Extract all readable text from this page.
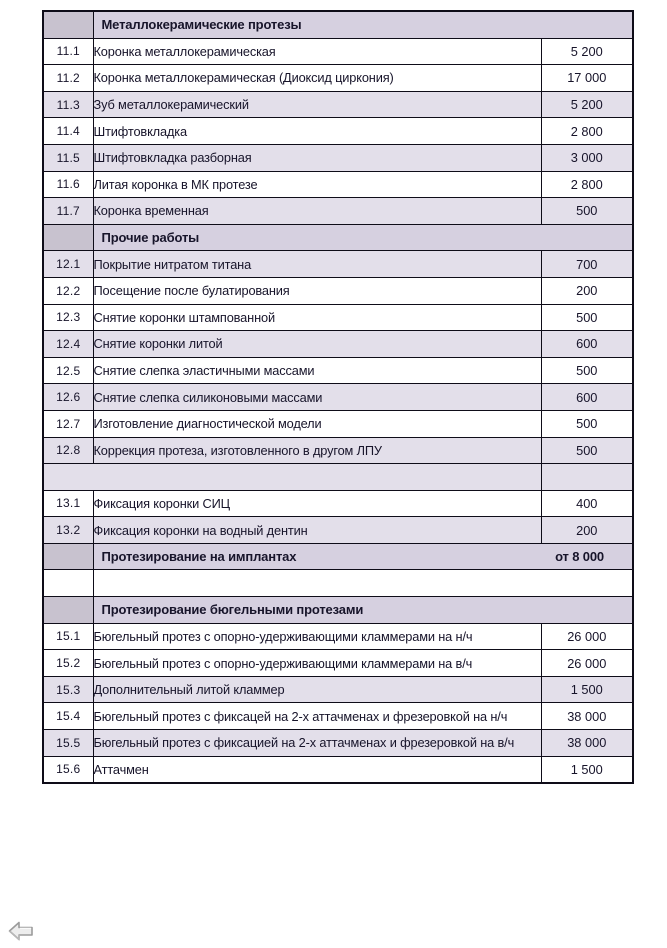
	Металлокерамические протезы	

11.1	Коронка металлокерамическая	5 200
11.2	Коронка металлокерамическая (Диоксид циркония)	17 000
11.3	Зуб металлокерамический	5 200
11.4	Штифтовкладка	2 800
11.5	Штифтовкладка разборная	3 000
11.6	Литая коронка в МК протезе	2 800
11.7	Коронка временная	500

	Прочие работы	

12.1	Покрытие нитратом титана	700
12.2	Посещение после булатирования	200
12.3	Снятие коронки штампованной	500
12.4	Снятие коронки литой	600
12.5	Снятие слепка эластичными массами	500
12.6	Снятие слепка силиконовыми массами	600
12.7	Изготовление диагностической модели	500
12.8	Коррекция протеза, изготовленного в другом ЛПУ	500

13.1	Фиксация коронки СИЦ	400
13.2	Фиксация коронки на водный дентин	200

	Протезирование на имплантах от 8 000	

	Протезирование бюгельными протезами	

15.1	Бюгельный протез с опорно-удерживающими кламмерами на н/ч	26 000
15.2	Бюгельный протез с опорно-удерживающими кламмерами на в/ч	26 000
15.3	Дополнительный литой кламмер	1 500
15.4	Бюгельный протез с фиксацей на 2-х аттачменах и фрезеровкой на н/ч	38 000
15.5	Бюгельный протез с фиксацией на 2-х аттачменах и фрезеровкой на в/ч	38 000
15.6	Аттачмен	1 500
